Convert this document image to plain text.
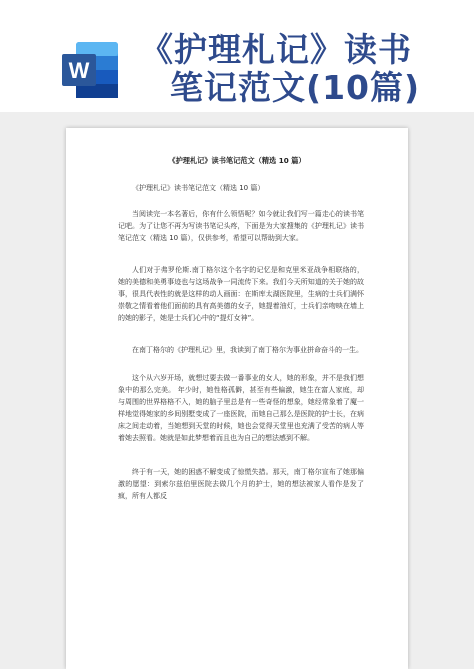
W
《护理札记》读书
笔记范文(10篇)
《护理札记》读书笔记范文（精选 10 篇）
《护理札记》读书笔记范文（精选 10 篇）
当阅读完一本名著后，你有什么领悟呢？如今就让我们写一篇走心的读书笔记吧。为了让您不再为写读书笔记头疼，下面是为大家搜集的《护理札记》读书笔记范文（精选 10 篇），仅供参考，希望可以帮助到大家。
人们对于弗罗伦斯.南丁格尔这个名字的记忆是和克里米亚战争相联络的，她的美德和美勇事迹也与这场战争一同流传下来。我们今天所知道的关于她的故事，很具代表性的就是这样的动人画面：在斯库太湖医院里，生病的士兵们满怀崇敬之情看着他们面前的具有高美德的女子，她提着油灯，士兵们亲吻映在墙上的她的影子，她是士兵们心中的“提灯女神”。
在南丁格尔的《护理札记》里，我读到了南丁格尔为事业拼命奋斗的一生。
这个从六岁开场，就想过要去做一番事业的女人，她的形象，并不是我们想象中的那么完美。 年少时，她性格孤僻，甚至有些偏激，她生在富人家庭，却与周围的世界格格不入，她的脑子里总是有一些奇怪的想象，她经常象着了魔一样地觉得她家的乡间别墅变成了一座医院，而她自己那么是医院的护士长，在病床之间走动着，当她想到天堂的时候，她也会觉得天堂里也充满了受苦的病人等着她去照看。她就是如此梦想着而且也为自己的想法感到不解。
终于有一天，她的困惑不解变成了惊慌失措。那天，南丁格尔宣布了她那偏激的愿望：到索尔兹伯里医院去做几个月的护士，她的想法被家人看作是发了疯，所有人都反
